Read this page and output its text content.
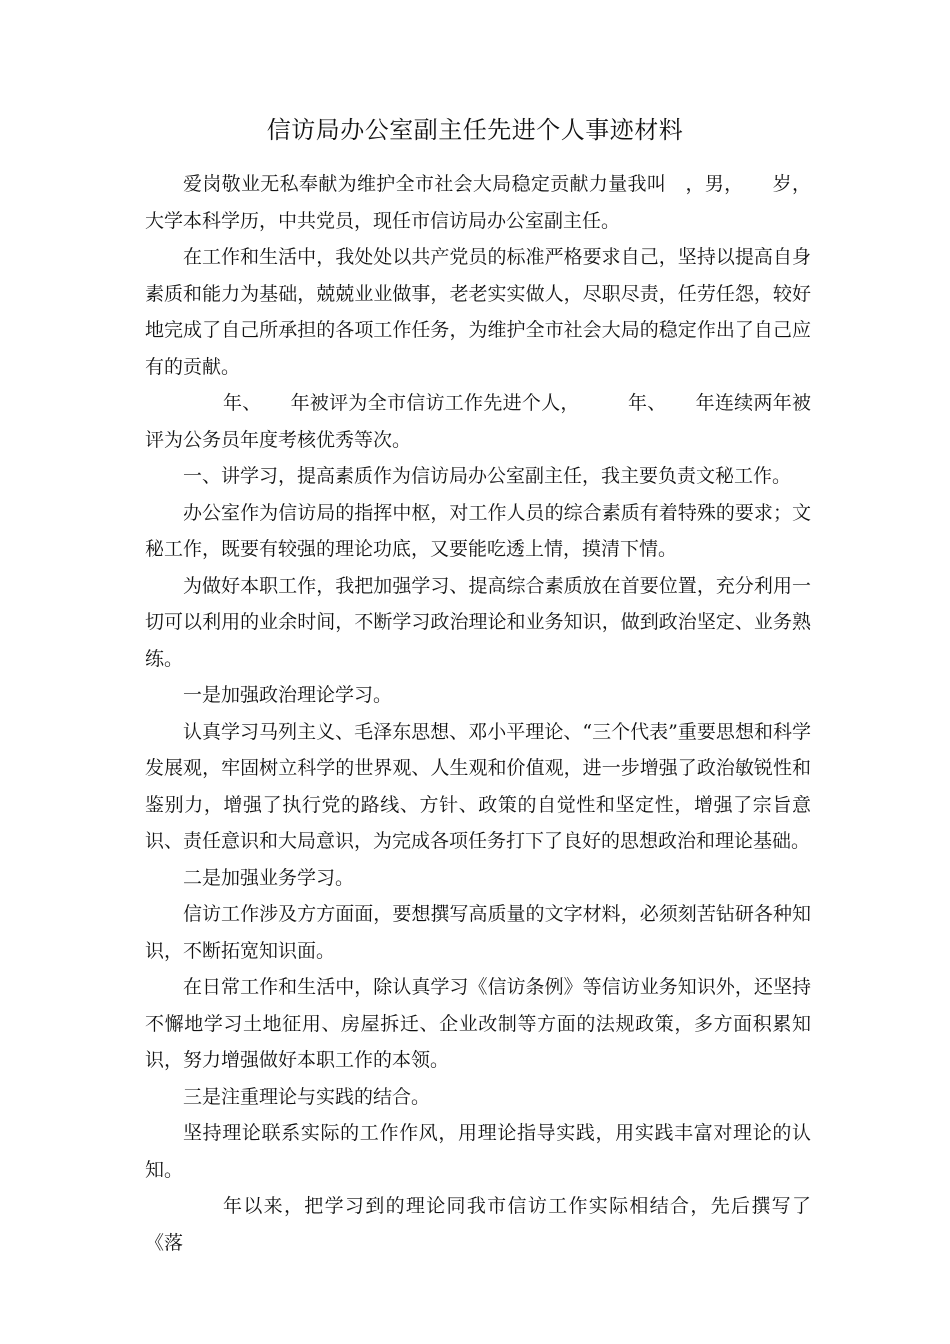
信访局办公室副主任先进个人事迹材料

爱岗敬业无私奉献为维护全市社会大局稳定贡献力量我叫　，男，　　岁，大学本科学历，中共党员，现任市信访局办公室副主任。

在工作和生活中，我处处以共产党员的标准严格要求自己，坚持以提高自身素质和能力为基础，兢兢业业做事，老老实实做人，尽职尽责，任劳任怨，较好地完成了自己所承担的各项工作任务，为维护全市社会大局的稳定作出了自己应有的贡献。

年、　　年被评为全市信访工作先进个人，　　　年、　　年连续两年被评为公务员年度考核优秀等次。

一、讲学习，提高素质作为信访局办公室副主任，我主要负责文秘工作。

办公室作为信访局的指挥中枢，对工作人员的综合素质有着特殊的要求；文秘工作，既要有较强的理论功底，又要能吃透上情，摸清下情。

为做好本职工作，我把加强学习、提高综合素质放在首要位置，充分利用一切可以利用的业余时间，不断学习政治理论和业务知识，做到政治坚定、业务熟练。

一是加强政治理论学习。

认真学习马列主义、毛泽东思想、邓小平理论、“三个代表”重要思想和科学发展观，牢固树立科学的世界观、人生观和价值观，进一步增强了政治敏锐性和鉴别力，增强了执行党的路线、方针、政策的自觉性和坚定性，增强了宗旨意识、责任意识和大局意识，为完成各项任务打下了良好的思想政治和理论基础。

二是加强业务学习。

信访工作涉及方方面面，要想撰写高质量的文字材料，必须刻苦钻研各种知识，不断拓宽知识面。

在日常工作和生活中，除认真学习《信访条例》等信访业务知识外，还坚持不懈地学习土地征用、房屋拆迁、企业改制等方面的法规政策，多方面积累知识，努力增强做好本职工作的本领。

三是注重理论与实践的结合。

坚持理论联系实际的工作作风，用理论指导实践，用实践丰富对理论的认知。

年以来，把学习到的理论同我市信访工作实际相结合，先后撰写了《落
